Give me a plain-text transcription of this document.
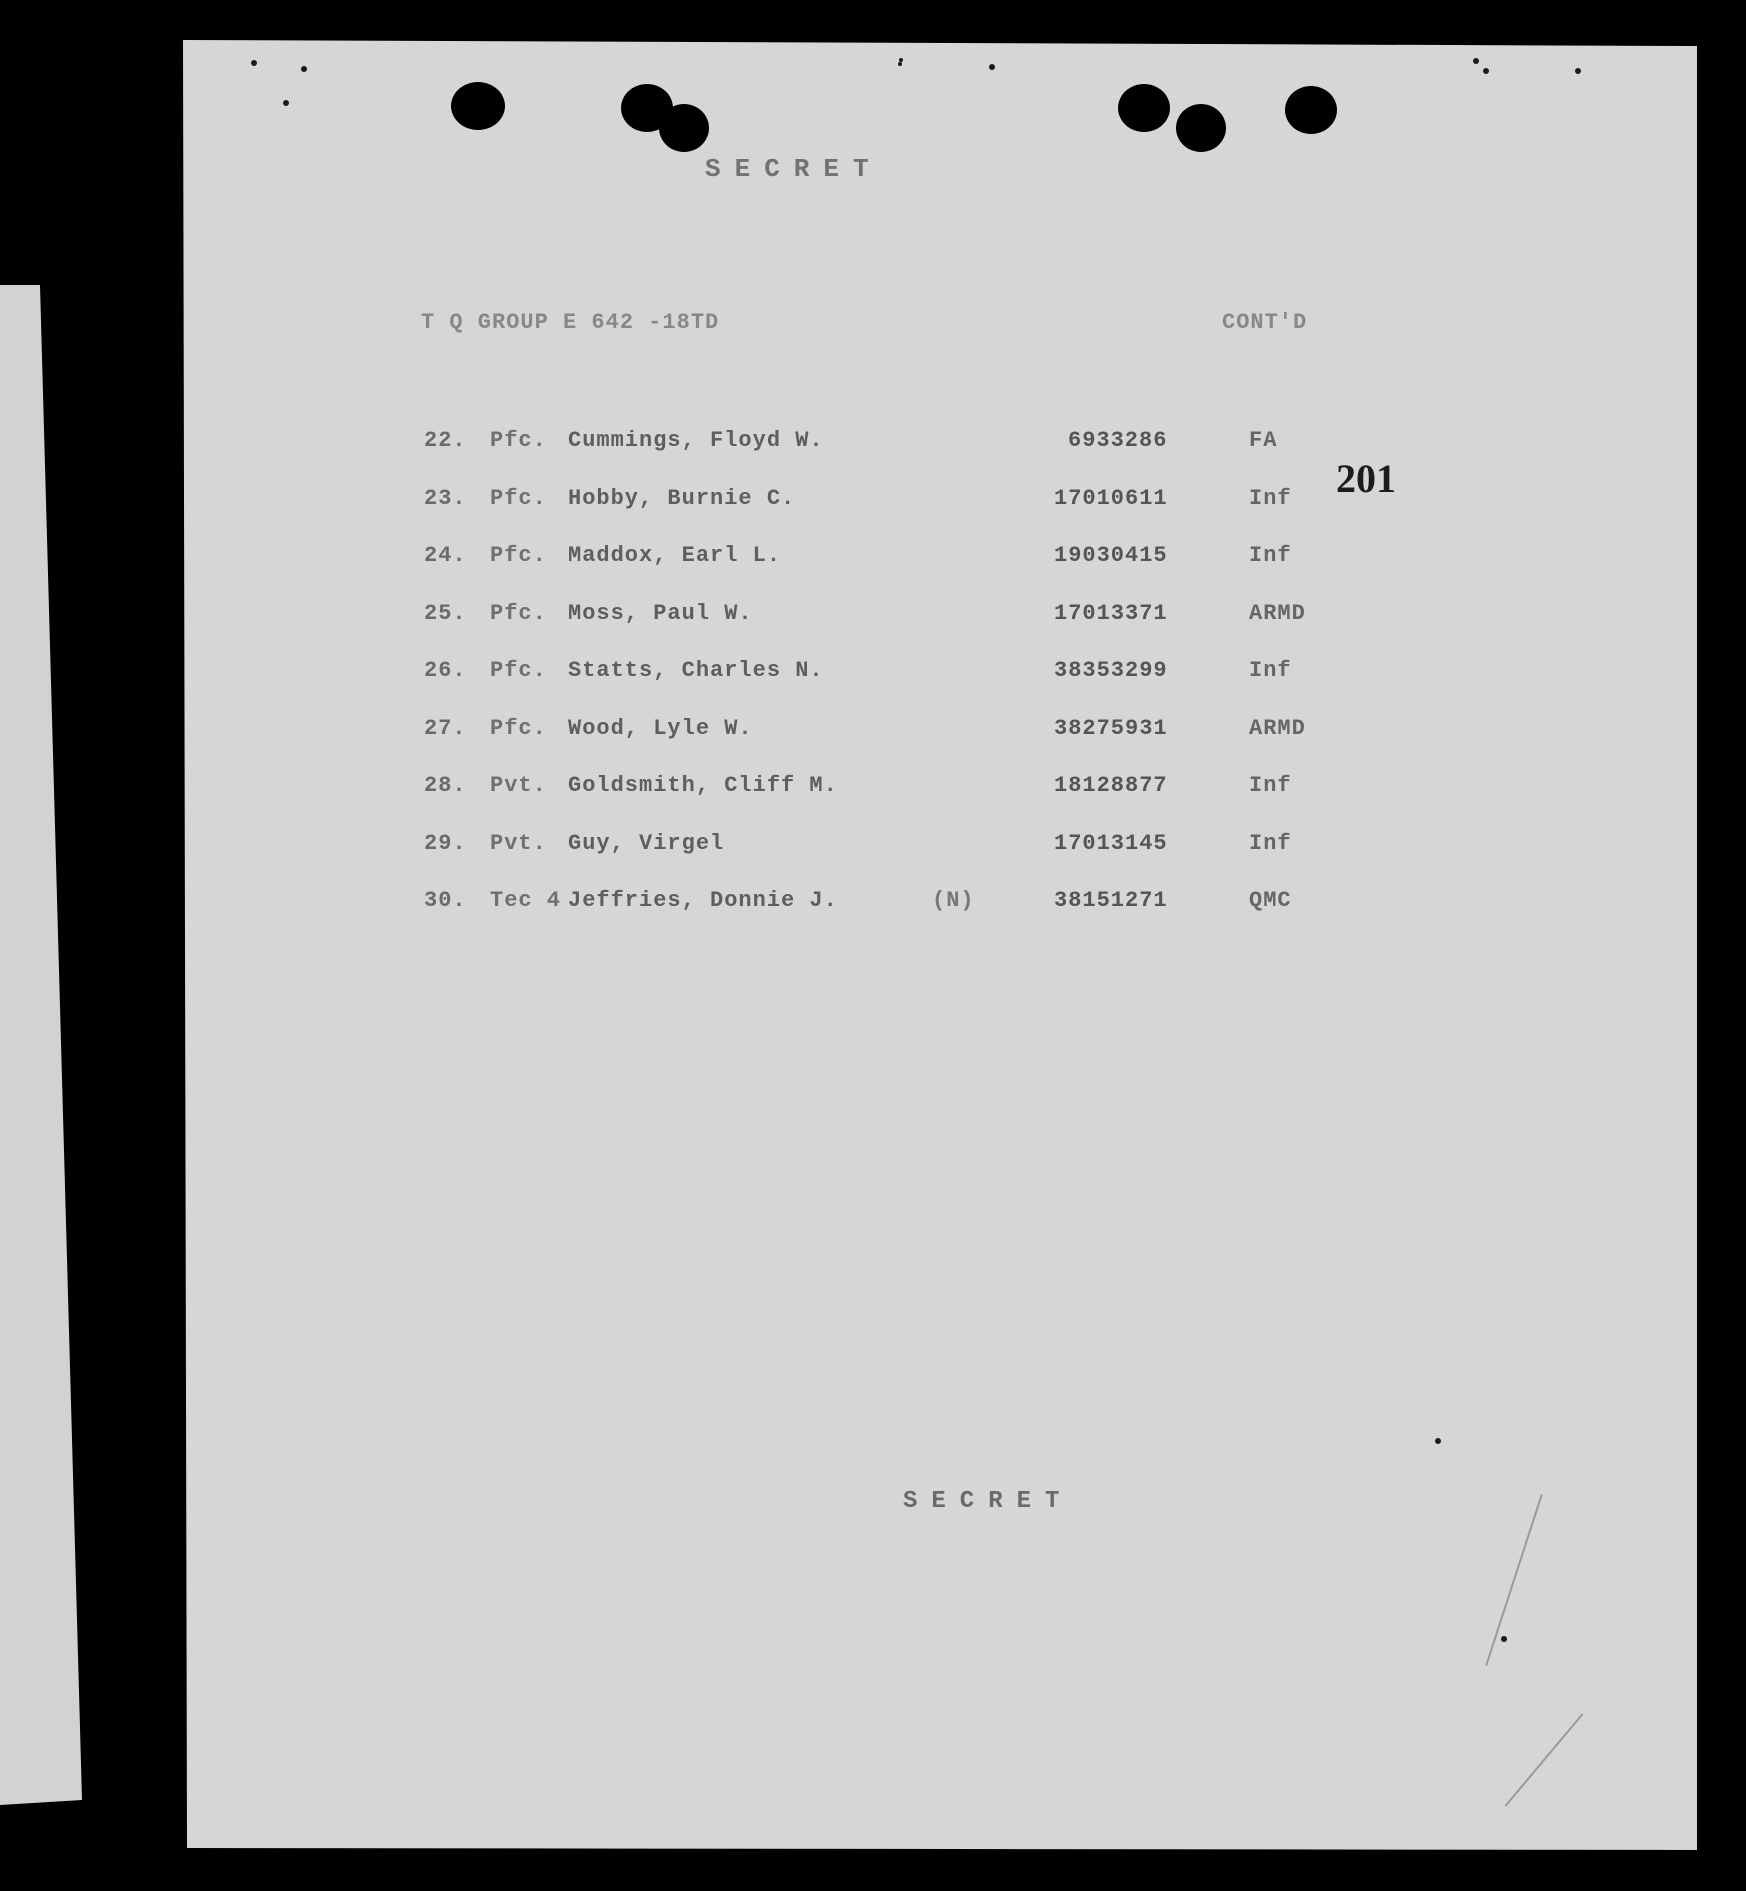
SECRET
T Q GROUP E 642 -18TD	CONT'D
201
22. Pfc. Cummings, Floyd W.	6933286	FA
23. Pfc. Hobby, Burnie C.	17010611	Inf
24. Pfc. Maddox, Earl L.	19030415	Inf
25. Pfc. Moss, Paul W.	17013371	ARMD
26. Pfc. Statts, Charles N.	38353299	Inf
27. Pfc. Wood, Lyle W.	38275931	ARMD
28. Pvt. Goldsmith, Cliff M.	18128877	Inf
29. Pvt. Guy, Virgel	17013145	Inf
30. Tec 4 Jeffries, Donnie J.	(N)	38151271	QMC
SECRET
